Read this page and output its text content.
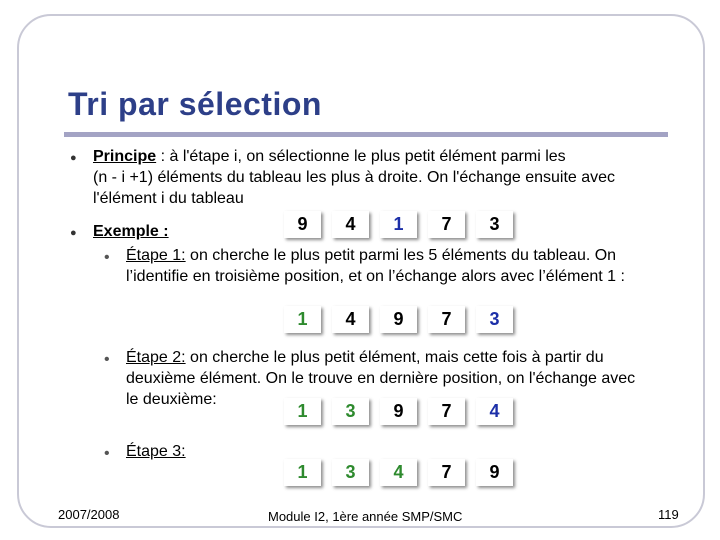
Tri par sélection
● Principe : à l'étape i, on sélectionne le plus petit élément parmi les
(n - i +1) éléments du tableau les plus à droite. On l'échange ensuite avec
l'élément i du tableau
● Exemple :	9	4	1	7	3
• Étape 1: on cherche le plus petit parmi les 5 éléments du tableau. On
l’identifie en troisième position, et on l’échange alors avec l’élément 1 :
1	4	9	7	3
• Étape 2: on cherche le plus petit élément, mais cette fois à partir du
deuxième élément. On le trouve en dernière position, on l'échange avec
le deuxième:
1	3	9	7	4
• Étape 3:
1	3	4	7	9
2007/2008	Module I2, 1ère année SMP/SMC	119
